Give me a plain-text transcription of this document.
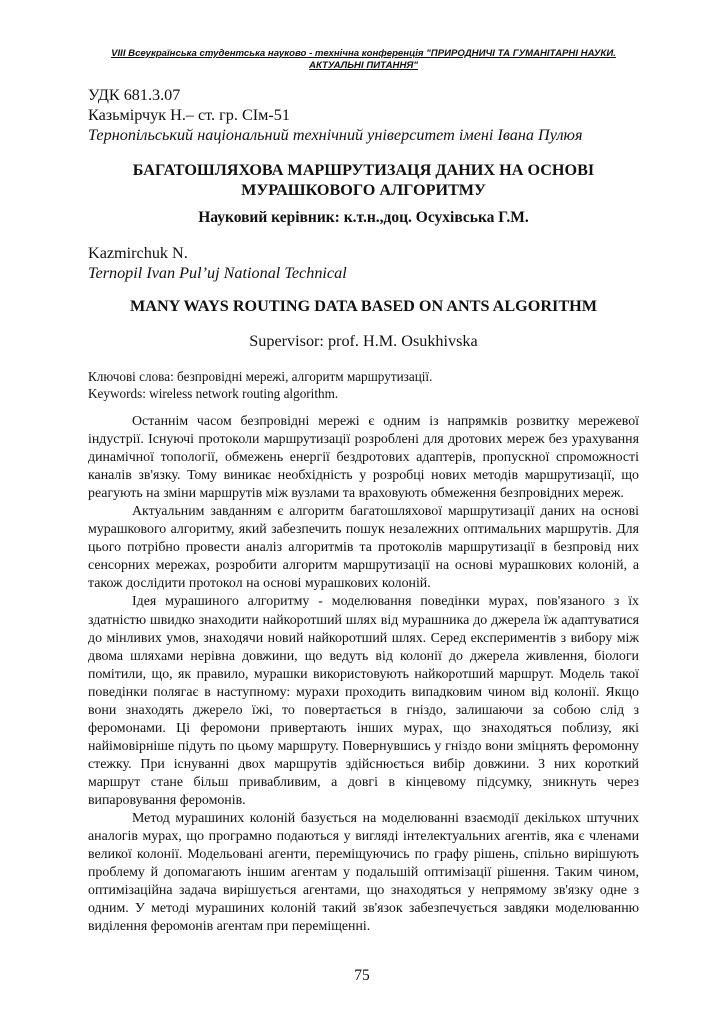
VIII Всеукраїнська студентська науково - технічна конференція "ПРИРОДНИЧІ ТА ГУМАНІТАРНІ НАУКИ.
АКТУАЛЬНІ ПИТАННЯ"
УДК 681.3.07
Казьмірчук Н.– ст. гр. СІм-51
Тернопільський національний технічний університет імені Івана Пулюя
БАГАТОШЛЯХОВА МАРШРУТИЗАЦЯ ДАНИХ НА ОСНОВІ
МУРАШКОВОГО АЛГОРИТМУ
Науковий керівник: к.т.н.,доц. Осухівська Г.М.
Kazmirchuk N.
Ternopil Ivan Pul’uj National Technical
MANY WAYS ROUTING DATA BASED ON ANTS ALGORITHM
Supervisor: prof. H.M. Osukhivska
Ключові слова: безпровідні мережі, алгоритм маршрутизації.
Keywords: wireless network routing algorithm.

Останнім часом безпровідні мережі є одним із напрямків розвитку мережевої індустрії. Існуючі протоколи маршрутизації розроблені для дротових мереж без урахування динамічної топології, обмежень енергії бездротових адаптерів, пропускної спроможності каналів зв'язку. Тому виникає необхідність у розробці нових методів маршрутизації, що реагують на зміни маршрутів між вузлами та враховують обмеження безпровідних мереж.

Актуальним завданням є алгоритм багатошляхової маршрутизації даних на основі мурашкового алгоритму, який забезпечить пошук незалежних оптимальних маршрутів. Для цього потрібно провести аналіз алгоритмів та протоколів маршрутизації в безпровід них сенсорних мережах, розробити алгоритм маршрутизації на основі мурашкових колоній, а також дослідити протокол на основі мурашкових колоній.

Ідея мурашиного алгоритму - моделювання поведінки мурах, пов'язаного з їх здатністю швидко знаходити найкоротший шлях від мурашника до джерела їж адаптуватися до мінливих умов, знаходячи новий найкоротший шлях. Серед експериментів з вибору між двома шляхами нерівна довжини, що ведуть від колонії до джерела живлення, біологи помітили, що, як правило, мурашки використовують найкоротший маршрут. Модель такої поведінки полягає в наступному: мурахи проходить випадковим чином від колонії. Якщо вони знаходять джерело їжі, то повертається в гніздо, залишаючи за собою слід з феромонами. Ці феромони привертають інших мурах, що знаходяться поблизу, які найімовірніше підуть по цьому маршруту. Повернувшись у гніздо вони зміцнять феромонну стежку. При існуванні двох маршрутів здійснюється вибір довжини. З них короткий маршрут стане більш привабливим, а довгі в кінцевому підсумку, зникнуть через випаровування феромонів.

Метод мурашиних колоній базується на моделюванні взаємодії декількох штучних аналогів мурах, що програмно подаються у вигляді інтелектуальних агентів, яка є членами великої колонії. Модельовані агенти, переміщуючись по графу рішень, спільно вирішують проблему й допомагають іншим агентам у подальшій оптимізації рішення. Таким чином, оптимізаційна задача вирішується агентами, що знаходяться у непрямому зв'язку одне з одним. У методі мурашиних колоній такий зв'язок забезпечується завдяки моделюванню виділення феромонів агентам при переміщенні.

75
